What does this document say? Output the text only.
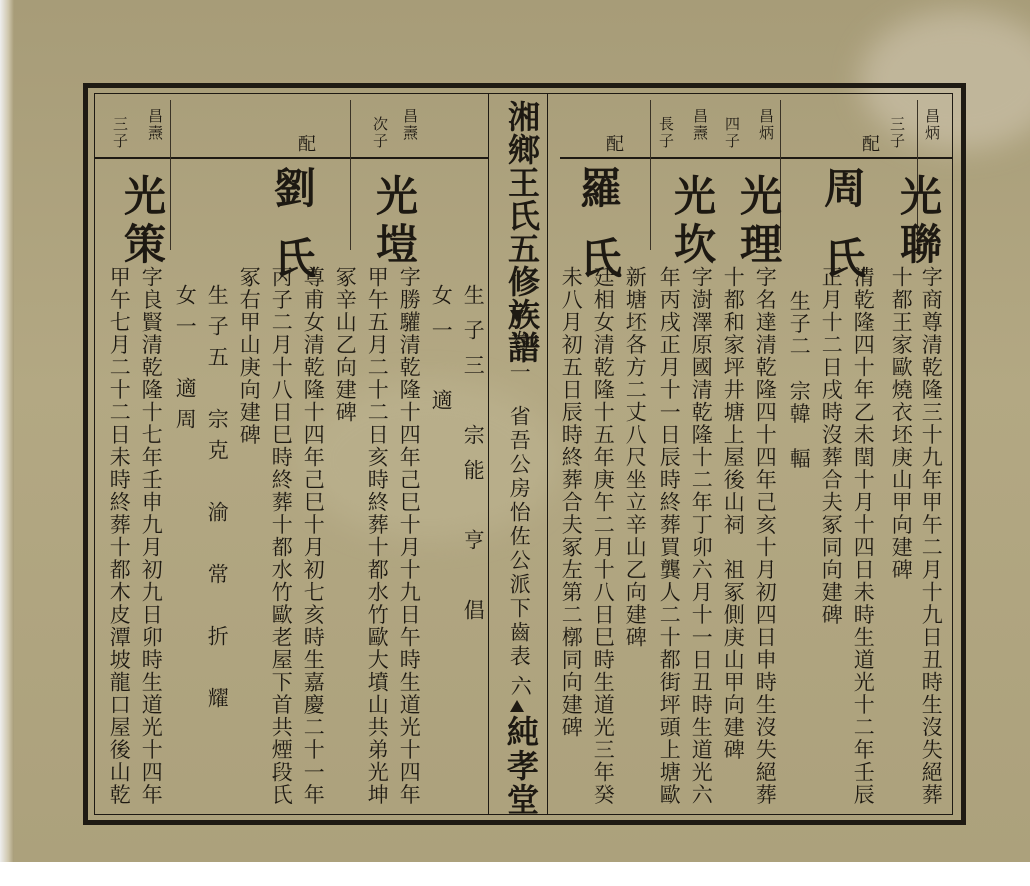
湘鄉王氏五修族譜
卷二 省吾公房怡佐公派下齒表
六
純孝堂
昌炳
三子
光聯
配
周氏
字商尊清乾隆三十九年甲午二月十九日丑時生沒失絕葬
十都王家歐燒衣坯庚山甲向建碑
清乾隆四十年乙未閏十月十四日未時生道光十二年壬辰
正月十二日戌時沒葬合夫冢同向建碑
生子二　宗韓　輻
昌炳
四子
光理
字名達清乾隆四十四年己亥十月初四日申時生沒失絕葬
十都和家坪井塘上屋後山祠　祖冢側庚山甲向建碑
昌燾
長子
光坎
配
羅氏
字澍澤原國清乾隆十二年丁卯六月十一日丑時生道光六
年丙戌正月十一日辰時終葬買龔人二十都街坪頭上塘歐
新塘坯各方二丈八尺坐立辛山乙向建碑
廷相女清乾隆十五年庚午二月十八日巳時生道光三年癸
未八月初五日辰時終葬合夫冢左第二槨同向建碑
昌燾
次子
光塏
配
劉氏
生子三　宗能　亨　倡
女一　適
字勝驩清乾隆十四年己巳十月十九日午時生道光十四年
甲午五月二十二日亥時終葬十都水竹歐大墳山共弟光坤
冢辛山乙向建碑
尊甫女清乾隆十四年己巳十月初七亥時生嘉慶二十一年
丙子二月十八日巳時終葬十都水竹歐老屋下首共煙段氏
冢右甲山庚向建碑
生子五　宗克　渝　常　折　耀
女一　適周
昌燾
三子
光策
字良賢清乾隆十七年壬申九月初九日卯時生道光十四年
甲午七月二十二日未時終葬十都木皮潭坡龍口屋後山乾
